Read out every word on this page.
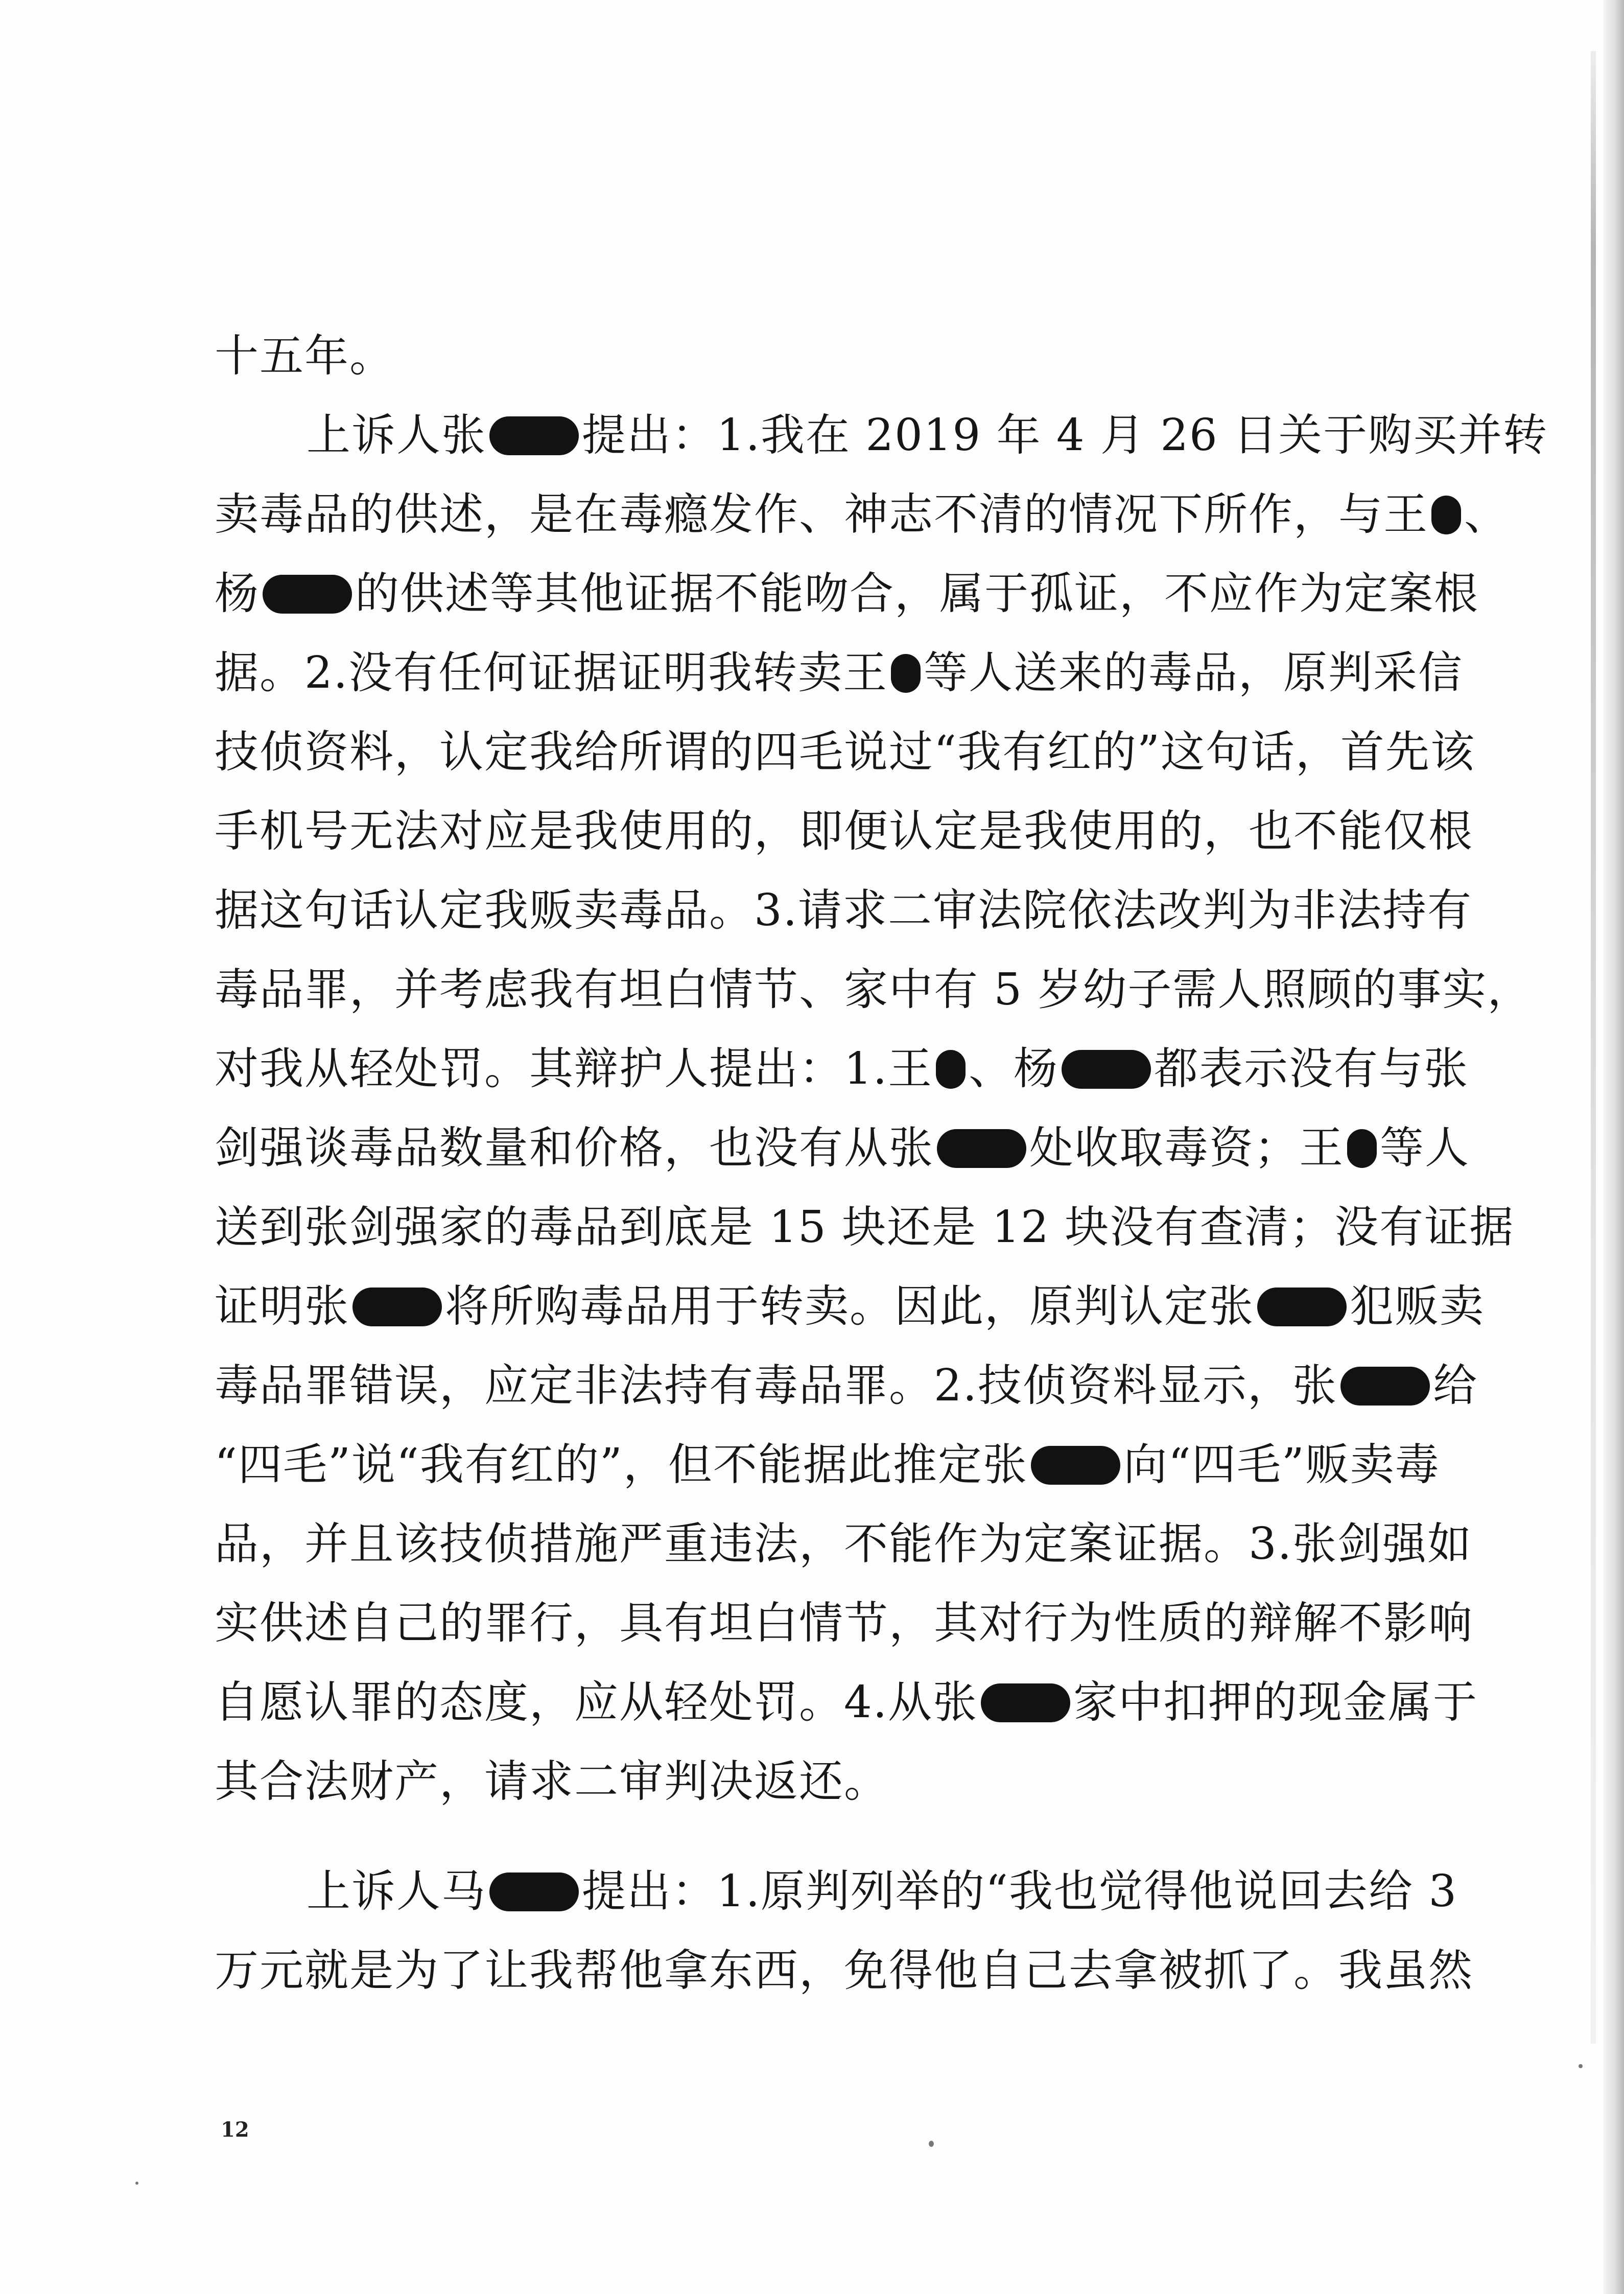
十五年。
上诉人张 提出：1.我在 2019 年 4 月 26 日关于购买并转
卖毒品的供述，是在毒瘾发作、神志不清的情况下所作，与王 、
杨 的供述等其他证据不能吻合，属于孤证，不应作为定案根
据。2.没有任何证据证明我转卖王 等人送来的毒品，原判采信
技侦资料，认定我给所谓的四毛说过“我有红的”这句话，首先该
手机号无法对应是我使用的，即便认定是我使用的，也不能仅根
据这句话认定我贩卖毒品。3.请求二审法院依法改判为非法持有
毒品罪，并考虑我有坦白情节、家中有 5 岁幼子需人照顾的事实，
对我从轻处罚。其辩护人提出：1.王 、杨 都表示没有与张
剑强谈毒品数量和价格，也没有从张 处收取毒资；王 等人
送到张剑强家的毒品到底是 15 块还是 12 块没有查清；没有证据
证明张 将所购毒品用于转卖。因此，原判认定张 犯贩卖
毒品罪错误，应定非法持有毒品罪。2.技侦资料显示，张 给
“四毛”说“我有红的”，但不能据此推定张 向“四毛”贩卖毒
品，并且该技侦措施严重违法，不能作为定案证据。3.张剑强如
实供述自己的罪行，具有坦白情节，其对行为性质的辩解不影响
自愿认罪的态度，应从轻处罚。4.从张 家中扣押的现金属于
其合法财产，请求二审判决返还。
上诉人马 提出：1.原判列举的“我也觉得他说回去给 3
万元就是为了让我帮他拿东西，免得他自己去拿被抓了。我虽然
12
